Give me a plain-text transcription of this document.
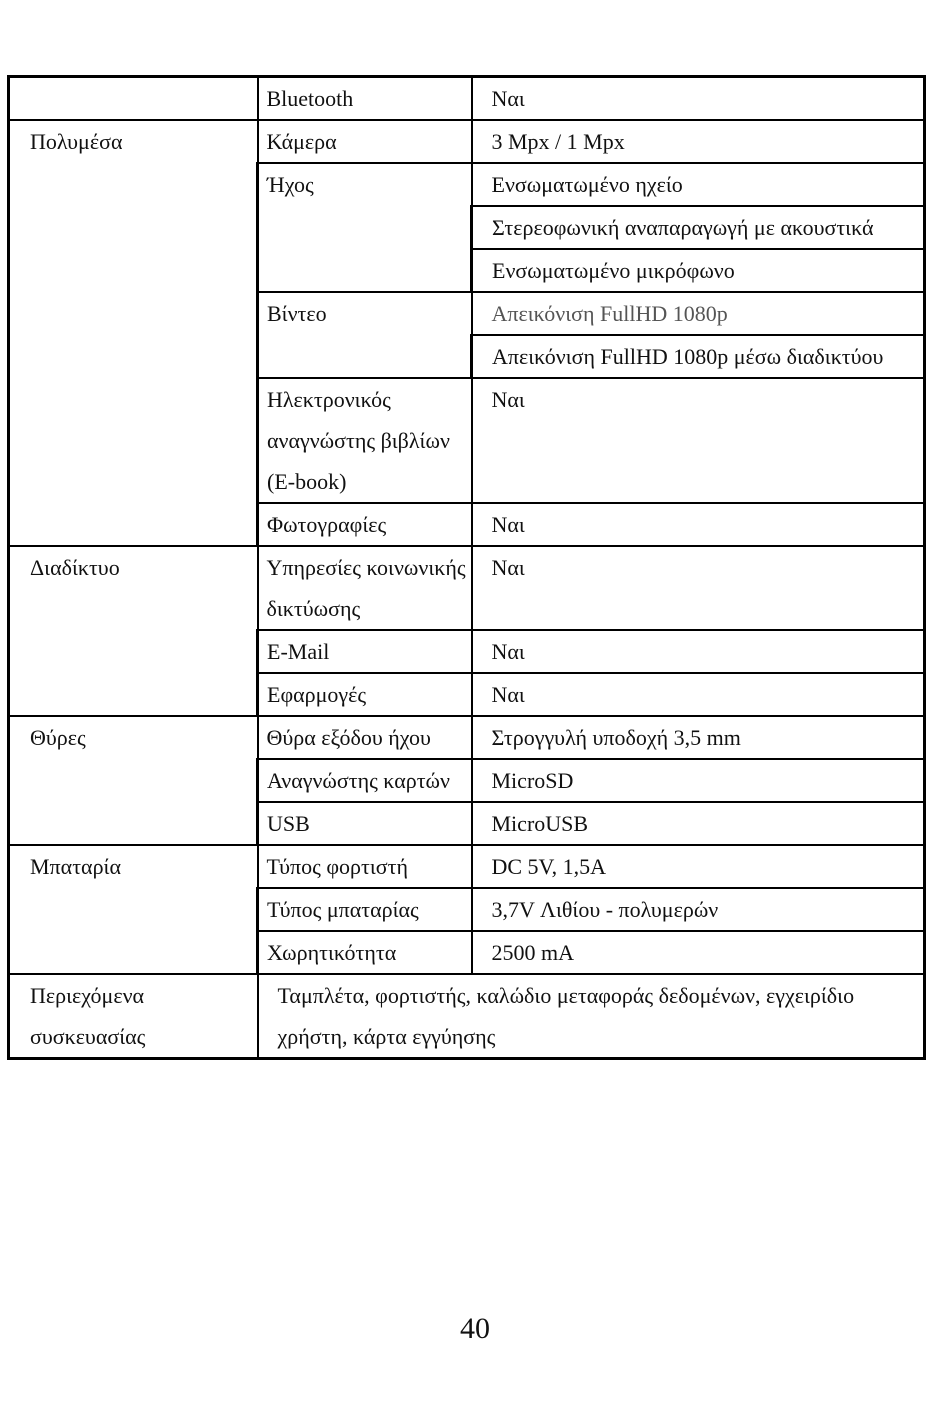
	Bluetooth	Ναι
Πολυμέσα	Κάμερα	3 Mpx / 1 Mpx
	Ήχος	Ενσωματωμένο ηχείο
		Στερεοφωνική αναπαραγωγή με ακουστικά
		Ενσωματωμένο μικρόφωνο
	Βίντεο	Απεικόνιση FullHD 1080p
		Απεικόνιση FullHD 1080p μέσω διαδικτύου
	Ηλεκτρονικός αναγνώστης βιβλίων (E-book)	Ναι
	Φωτογραφίες	Ναι
Διαδίκτυο	Υπηρεσίες κοινωνικής δικτύωσης	Ναι
	E-Mail	Ναι
	Εφαρμογές	Ναι
Θύρες	Θύρα εξόδου ήχου	Στρογγυλή υποδοχή 3,5 mm
	Αναγνώστης καρτών	MicroSD
	USB	MicroUSB
Μπαταρία	Τύπος φορτιστή	DC 5V, 1,5A
	Τύπος μπαταρίας	3,7V Λιθίου - πολυμερών
	Χωρητικότητα	2500 mA
Περιεχόμενα συσκευασίας	Ταμπλέτα, φορτιστής, καλώδιο μεταφοράς δεδομένων, εγχειρίδιο χρήστη, κάρτα εγγύησης	
40
